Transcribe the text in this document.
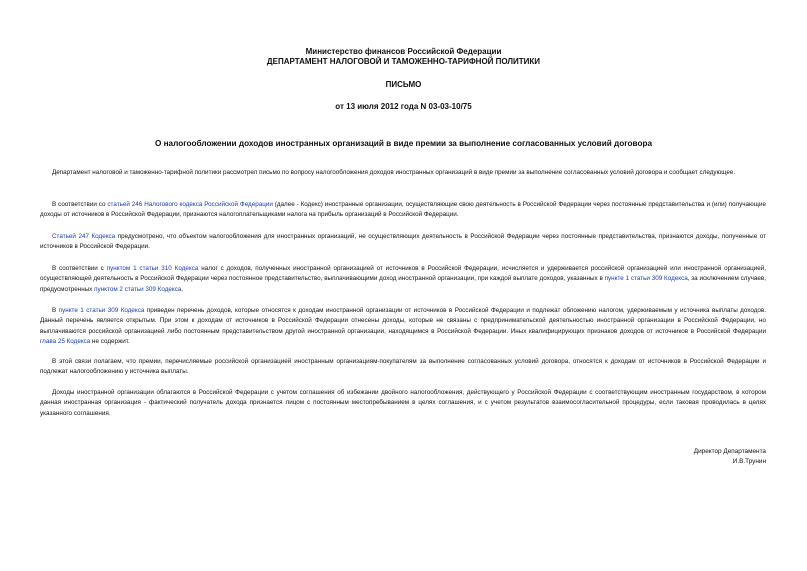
Министерство финансов Российской Федерации
ДЕПАРТАМЕНТ НАЛОГОВОЙ И ТАМОЖЕННО-ТАРИФНОЙ ПОЛИТИКИ
ПИСЬМО
от 13 июля 2012 года N 03-03-10/75
О налогообложении доходов иностранных организаций в виде премии за выполнение согласованных условий договора

Департамент налоговой и таможенно-тарифной политики рассмотрел письмо по вопросу налогообложения доходов иностранных организаций в виде премии за выполнение согласованных условий договора и сообщает следующее.

В соответствии со статьей 246 Налогового кодекса Российской Федерации (далее - Кодекс) иностранные организации, осуществляющие свою деятельность в Российской Федерации через постоянные представительства и (или) получающие доходы от источников в Российской Федерации, признаются налогоплательщиками налога на прибыль организаций в Российской Федерации.

Статьей 247 Кодекса предусмотрено, что объектом налогообложения для иностранных организаций, не осуществляющих деятельность в Российской Федерации через постоянные представительства, признаются доходы, полученные от источников в Российской Федерации.

В соответствии с пунктом 1 статьи 310 Кодекса налог с доходов, полученных иностранной организацией от источников в Российской Федерации, исчисляется и удерживается российской организацией или иностранной организацией, осуществляющей деятельность в Российской Федерации через постоянное представительство, выплачивающими доход иностранной организации, при каждой выплате доходов, указанных в пункте 1 статьи 309 Кодекса, за исключением случаев, предусмотренных пунктом 2 статьи 309 Кодекса.

В пункте 1 статьи 309 Кодекса приведен перечень доходов, которые относятся к доходам иностранной организации от источников в Российской Федерации и подлежат обложению налогом, удерживаемым у источника выплаты доходов. Данный перечень является открытым. При этом к доходам от источников в Российской Федерации отнесены доходы, которые не связаны с предпринимательской деятельностью иностранной организации в Российской Федерации, но выплачиваются российской организацией либо постоянным представительством другой иностранной организации, находящимся в Российской Федерации. Иных квалифицирующих признаков доходов от источников в Российской Федерации глава 25 Кодекса не содержит.

В этой связи полагаем, что премии, перечисляемые российской организацией иностранным организациям-покупателям за выполнение согласованных условий договора, относятся к доходам от источников в Российской Федерации и подлежат налогообложению у источника выплаты.

Доходы иностранной организации облагаются в Российской Федерации с учетом соглашения об избежании двойного налогообложения, действующего у Российской Федерации с соответствующим иностранным государством, в котором данная иностранная организация - фактический получатель дохода признается лицом с постоянным местопребыванием в целях соглашения, и с учетом результатов взаимосогласительной процедуры, если таковая проводилась в целях указанного соглашения.

Директор Департамента
И.В.Трунин
